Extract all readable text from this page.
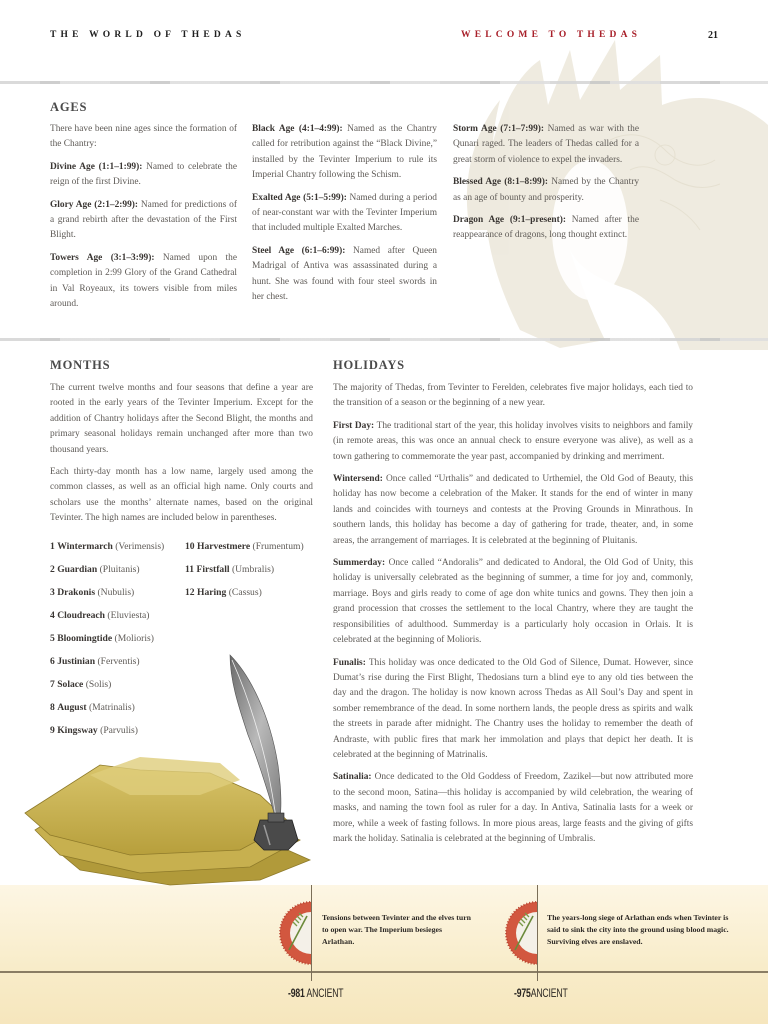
THE WORLD OF THEDAS	WELCOME TO THEDAS	21
AGES

There have been nine ages since the formation of the Chantry:

Divine Age (1:1–1:99): Named to celebrate the reign of the first Divine.

Glory Age (2:1–2:99): Named for predictions of a grand rebirth after the devastation of the First Blight.

Towers Age (3:1–3:99): Named upon the completion in 2:99 Glory of the Grand Cathedral in Val Royeaux, its towers visible from miles around.

Black Age (4:1–4:99): Named as the Chantry called for retribution against the “Black Divine,” installed by the Tevinter Imperium to rule its Imperial Chantry following the Schism.

Exalted Age (5:1–5:99): Named during a period of near-constant war with the Tevinter Imperium that included multiple Exalted Marches.

Steel Age (6:1–6:99): Named after Queen Madrigal of Antiva was assassinated during a hunt. She was found with four steel swords in her chest.

Storm Age (7:1–7:99): Named as war with the Qunari raged. The leaders of Thedas called for a great storm of violence to expel the invaders.

Blessed Age (8:1–8:99): Named by the Chantry as an age of bounty and prosperity.

Dragon Age (9:1–present): Named after the reappearance of dragons, long thought extinct.

MONTHS

The current twelve months and four seasons that define a year are rooted in the early years of the Tevinter Imperium. Except for the addition of Chantry holidays after the Second Blight, the months and primary seasonal holidays remain unchanged after more than two thousand years.

Each thirty-day month has a low name, largely used among the common classes, as well as an official high name. Only courts and scholars use the months’ alternate names, based on the original Tevinter. The high names are included below in parentheses.

1 Wintermarch (Verimensis)
2 Guardian (Pluitanis)
3 Drakonis (Nubulis)
4 Cloudreach (Eluviesta)
5 Bloomingtide (Molioris)
6 Justinian (Ferventis)
7 Solace (Solis)
8 August (Matrinalis)
9 Kingsway (Parvulis)
10 Harvestmere (Frumentum)
11 Firstfall (Umbralis)
12 Haring (Cassus)
HOLIDAYS

The majority of Thedas, from Tevinter to Ferelden, celebrates five major holidays, each tied to the transition of a season or the beginning of a new year.

First Day: The traditional start of the year, this holiday involves visits to neighbors and family (in remote areas, this was once an annual check to ensure everyone was alive), as well as a town gathering to commemorate the year past, accompanied by drinking and merriment.

Wintersend: Once called “Urthalis” and dedicated to Urthemiel, the Old God of Beauty, this holiday has now become a celebration of the Maker. It stands for the end of winter in many lands and coincides with tourneys and contests at the Proving Grounds in Minrathous. In southern lands, this holiday has become a day of gathering for trade, theater, and, in some areas, the arrangement of marriages. It is celebrated at the beginning of Pluitanis.

Summerday: Once called “Andoralis” and dedicated to Andoral, the Old God of Unity, this holiday is universally celebrated as the beginning of summer, a time for joy and, commonly, marriage. Boys and girls ready to come of age don white tunics and gowns. They then join a grand procession that crosses the settlement to the local Chantry, where they are taught the responsibilities of adulthood. Summerday is a particularly holy occasion in Orlais. It is celebrated at the beginning of Molioris.

Funalis: This holiday was once dedicated to the Old God of Silence, Dumat. However, since Dumat’s rise during the First Blight, Thedosians turn a blind eye to any old ties between the day and the dragon. The holiday is now known across Thedas as All Soul’s Day and spent in somber remembrance of the dead. In some northern lands, the people dress as spirits and walk the streets in parade after midnight. The Chantry uses the holiday to remember the death of Andraste, with public fires that mark her immolation and plays that depict her death. It is celebrated at the beginning of Matrinalis.

Satinalia: Once dedicated to the Old Goddess of Freedom, Zazikel—but now attributed more to the second moon, Satina—this holiday is accompanied by wild celebration, the wearing of masks, and naming the town fool as ruler for a day. In Antiva, Satinalia lasts for a week or more, while a week of fasting follows. In more pious areas, large feasts and the giving of gifts mark the holiday. Satinalia is celebrated at the beginning of Umbralis.

Tensions between Tevinter and the elves turn to open war. The Imperium besieges Arlathan.
-981 ANCIENT
The years-long siege of Arlathan ends when Tevinter is said to sink the city into the ground using blood magic. Surviving elves are enslaved.
-975ANCIENT
